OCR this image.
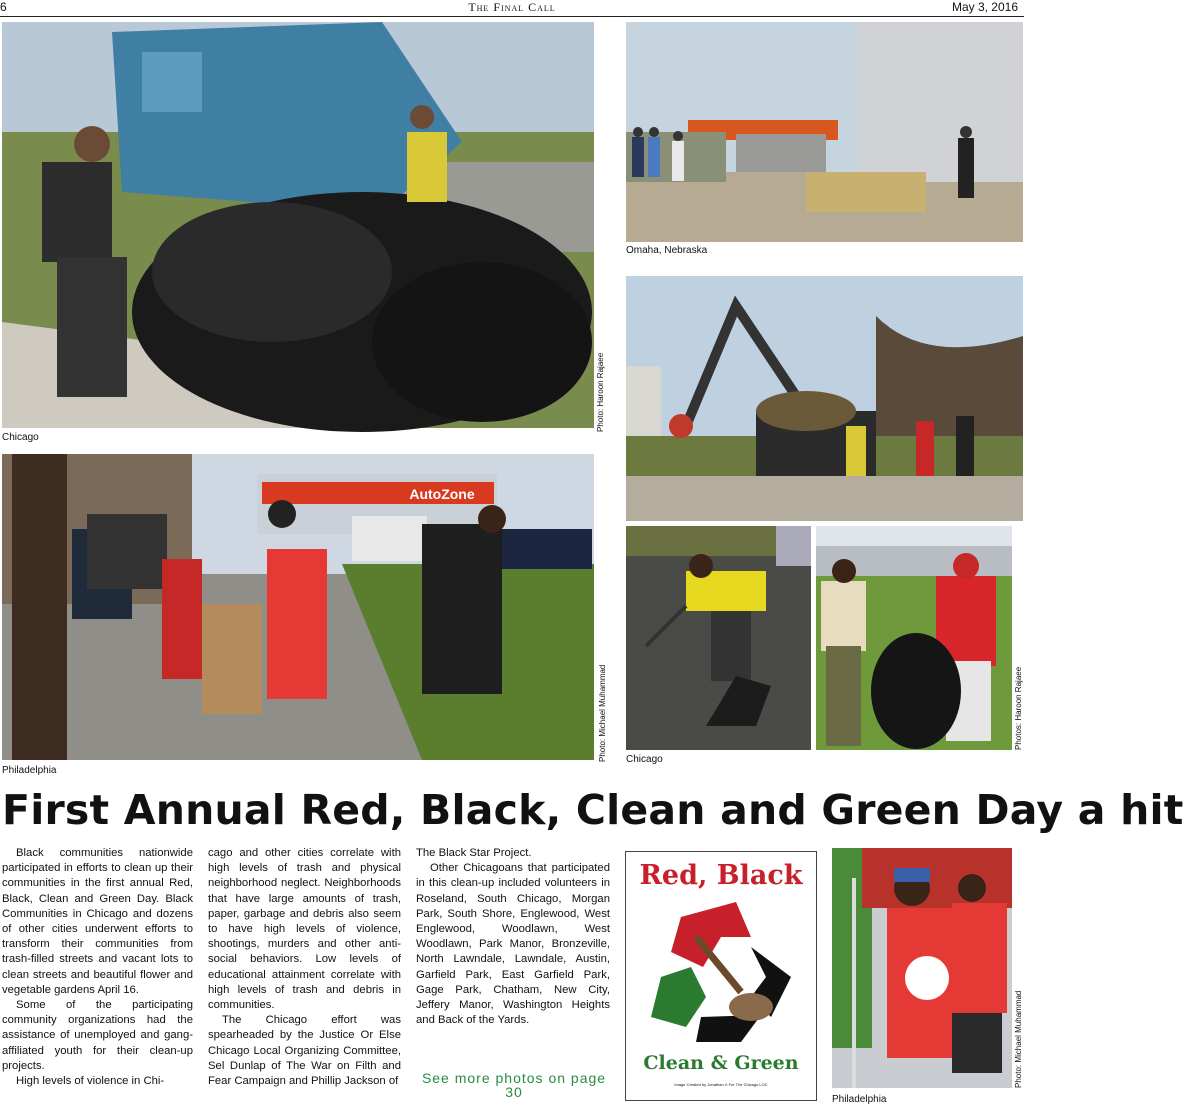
6	The Final Call	May 3, 2016
Chicago
Photo: Haroon Rajaee
Omaha, Nebraska
AutoZone
Philadelphia
Photo: Michael Muhammad Chicago
Photos: Haroon Rajaee
First Annual Red, Black, Clean and Green Day a hit

Black communities nationwide participated in efforts to clean up their communities in the first annual Red, Black, Clean and Green Day. Black Communities in Chicago and dozens of other cities underwent efforts to transform their communities from trash-filled streets and vacant lots to clean streets and beautiful flower and vegetable gardens April 16.

Some of the participating community organizations had the assistance of unemployed and gang-affiliated youth for their clean-up projects.

High levels of violence in Chi-

cago and other cities correlate with high levels of trash and physical neighborhood neglect. Neighborhoods that have large amounts of trash, paper, garbage and debris also seem to have high levels of violence, shootings, murders and other anti-social behaviors. Low levels of educational attainment correlate with high levels of trash and debris in communities.

The Chicago effort was spearheaded by the Justice Or Else Chicago Local Organizing Committee, Sel Dunlap of The War on Filth and Fear Campaign and Phillip Jackson of

The Black Star Project.

Other Chicagoans that participated in this clean-up included volunteers in Roseland, South Chicago, Morgan Park, South Shore, Englewood, West Englewood, Woodlawn, West Woodlawn, Park Manor, Bronzeville, North Lawndale, Lawndale, Austin, Garfield Park, East Garfield Park, Gage Park, Chatham, New City, Jeffery Manor, Washington Heights and Back of the Yards.

See more photos on page 30
Red, Black
Clean & Green
Image Created by Jonathan X For The Chicago LOC
Philadelphia
Photo: Michael Muhammad
